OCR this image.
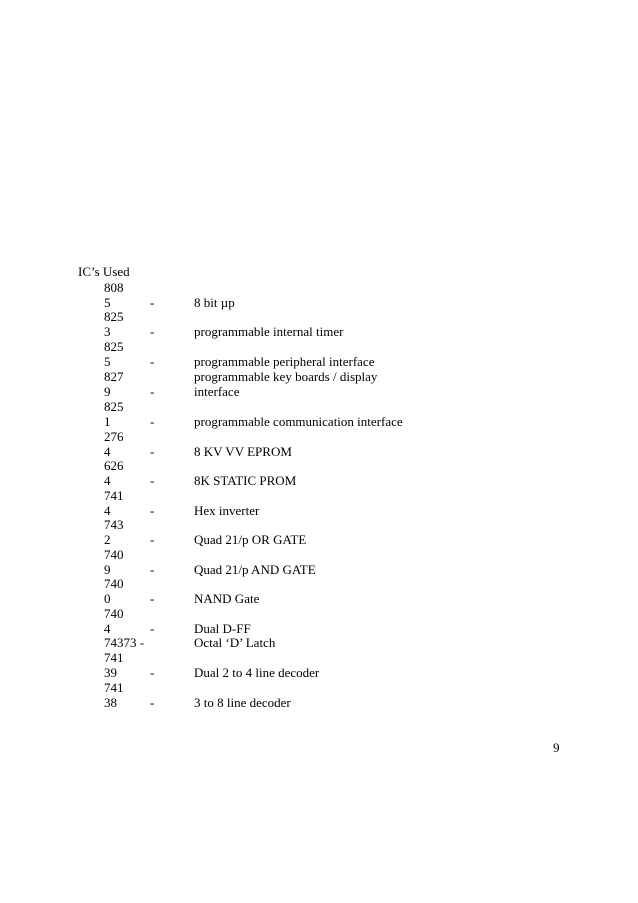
IC’s Used
808
5	-	8 bit µp
825
3	-	programmable internal timer
825
5	-	programmable peripheral interface
827
9	-
programmable key boards / display
interface
825
1	-	programmable communication interface
276
4	-	8 KV VV EPROM
626
4	-	8K STATIC PROM
741
4	-	Hex inverter
743
2	-	Quad 21/p OR GATE
740
9	-	Quad 21/p AND GATE
740
0	-	NAND Gate
740
4	-	Dual D-FF
74373 -	Octal ‘D’ Latch
741
39	-	Dual 2 to 4 line decoder
741
38	-	3 to 8 line decoder
9
